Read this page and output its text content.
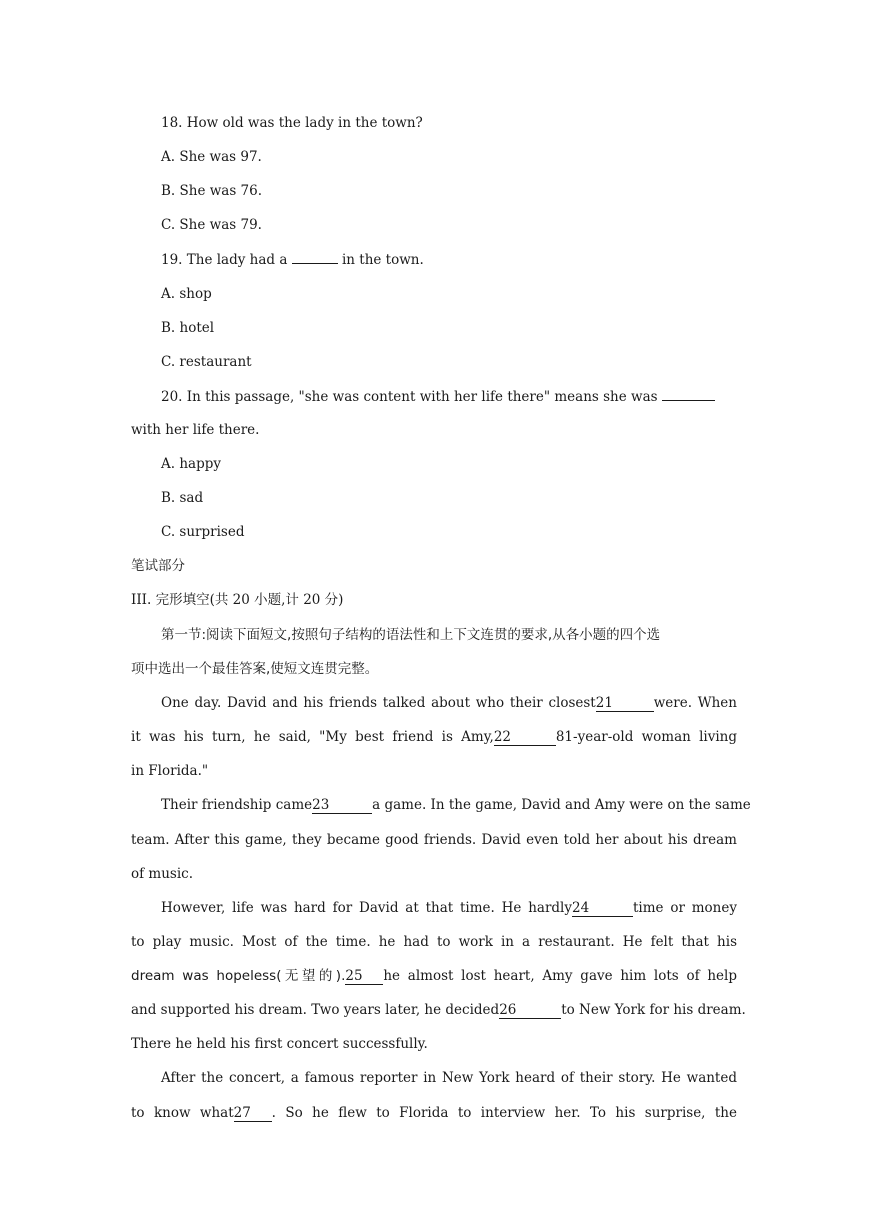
18. How old was the lady in the town?
A. She was 97.
B. She was 76.
C. She was 79.
19. The lady had a	in the town.
A. shop
B. hotel
C. restaurant
20. In this passage, "she was content with her life there" means she was
with her life there.
A. happy
B. sad
C. surprised
笔试部分
III. 完形填空(共 20 小题,计 20 分)
第一节:阅读下面短文,按照句子结构的语法性和上下文连贯的要求,从各小题的四个选
项中选出一个最佳答案,使短文连贯完整。
One day. David and his friends talked about who their closest21	were. When
it was his turn, he said, "My best friend is Amy,22	81-year-old woman living
in Florida."
Their friendship came23	a game. In the game, David and Amy were on the same
team. After this game, they became good friends. David even told her about his dream
of music.
However, life was hard for David at that time. He hardly24	time or money
to play music. Most of the time. he had to work in a restaurant. He felt that his
dream was hopeless(无望的).25 he almost lost heart, Amy gave him lots of help
and supported his dream. Two years later, he decided26	to New York for his dream.
There he held his first concert successfully.
After the concert, a famous reporter in New York heard of their story. He wanted
to know what27 . So he flew to Florida to interview her. To his surprise, the
